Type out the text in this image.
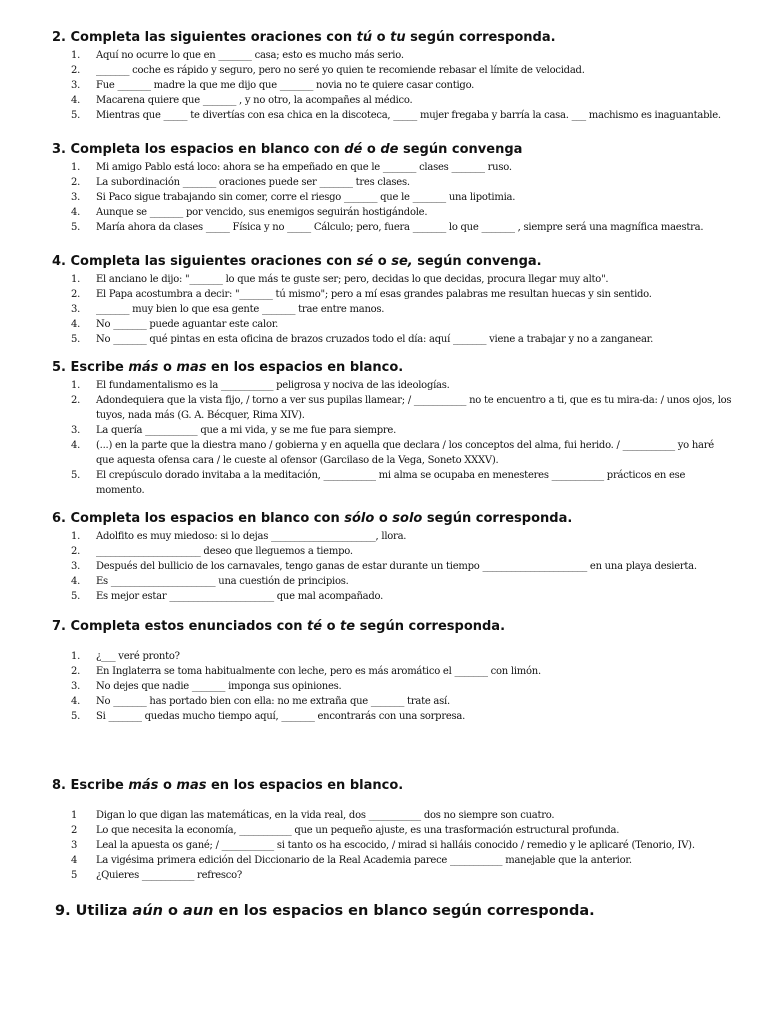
2. Completa las siguientes oraciones con tú o tu según corresponda.
1.	Aquí no ocurre lo que en _______ casa; esto es mucho más serio.
2.	_______ coche es rápido y seguro, pero no seré yo quien te recomiende rebasar el límite de velocidad.
3.	Fue _______ madre la que me dijo que _______ novia no te quiere casar contigo.
4.	Macarena quiere que _______ , y no otro, la acompañes al médico.
5.	Mientras que _____ te divertías con esa chica en la discoteca, _____ mujer fregaba y barría la casa. ___ machismo es inaguantable.
3. Completa los espacios en blanco con dé o de según convenga
1.	Mi amigo Pablo está loco: ahora se ha empeñado en que le _______ clases _______ ruso.
2.	La subordinación _______ oraciones puede ser _______ tres clases.
3.	Si Paco sigue trabajando sin comer, corre el riesgo _______ que le _______ una lipotimia.
4.	Aunque se _______ por vencido, sus enemigos seguirán hostigándole.
5.	María ahora da clases _____ Física y no _____ Cálculo; pero, fuera _______ lo que _______ , siempre será una magnífica maestra.
4. Completa las siguientes oraciones con sé o se, según convenga.
1.	El anciano le dijo: "_______ lo que más te guste ser; pero, decidas lo que decidas, procura llegar muy alto".
2.	El Papa acostumbra a decir: "_______ tú mismo"; pero a mí esas grandes palabras me resultan huecas y sin sentido.
3.	_______ muy bien lo que esa gente _______ trae entre manos.
4.	No _______ puede aguantar este calor.
5.	No _______ qué pintas en esta oficina de brazos cruzados todo el día: aquí _______ viene a trabajar y no a zanganear.
5. Escribe más o mas en los espacios en blanco.
1.	El fundamentalismo es la ___________ peligrosa y nociva de las ideologías.
2.	Adondequiera que la vista fijo, / torno a ver sus pupilas llamear; / ___________ no te encuentro a ti, que es tu mira-da: / unos ojos, los tuyos, nada más (G. A. Bécquer, Rima XIV).
3.	La quería ___________ que a mi vida, y se me fue para siempre.
4.	(...) en la parte que la diestra mano / gobierna y en aquella que declara / los conceptos del alma, fui herido. / ___________ yo haré que aquesta ofensa cara / le cueste al ofensor (Garcilaso de la Vega, Soneto XXXV).
5.	El crepúsculo dorado invitaba a la meditación, ___________ mi alma se ocupaba en menesteres ___________ prácticos en ese momento.
6. Completa los espacios en blanco con sólo o solo según corresponda.
1.	Adolfito es muy miedoso: si lo dejas ______________________, llora.
2.	______________________ deseo que lleguemos a tiempo.
3.	Después del bullicio de los carnavales, tengo ganas de estar durante un tiempo ______________________ en una playa desierta.
4.	Es ______________________ una cuestión de principios.
5.	Es mejor estar ______________________ que mal acompañado.
7. Completa estos enunciados con té o te según corresponda.
1.	¿___ veré pronto?
2.	En Inglaterra se toma habitualmente con leche, pero es más aromático el _______ con limón.
3.	No dejes que nadie _______ imponga sus opiniones.
4.	No _______ has portado bien con ella: no me extraña que _______ trate así.
5.	Si _______ quedas mucho tiempo aquí, _______ encontrarás con una sorpresa.
8. Escribe más o mas en los espacios en blanco.
1	Digan lo que digan las matemáticas, en la vida real, dos ___________ dos no siempre son cuatro.
2	Lo que necesita la economía, ___________ que un pequeño ajuste, es una trasformación estructural profunda.
3	Leal la apuesta os gané; / ___________ si tanto os ha escocido, / mirad si halláis conocido / remedio y le aplicaré (Tenorio, IV).
4	La vigésima primera edición del Diccionario de la Real Academia parece ___________ manejable que la anterior.
5	¿Quieres ___________ refresco?
9. Utiliza aún o aun en los espacios en blanco según corresponda.
